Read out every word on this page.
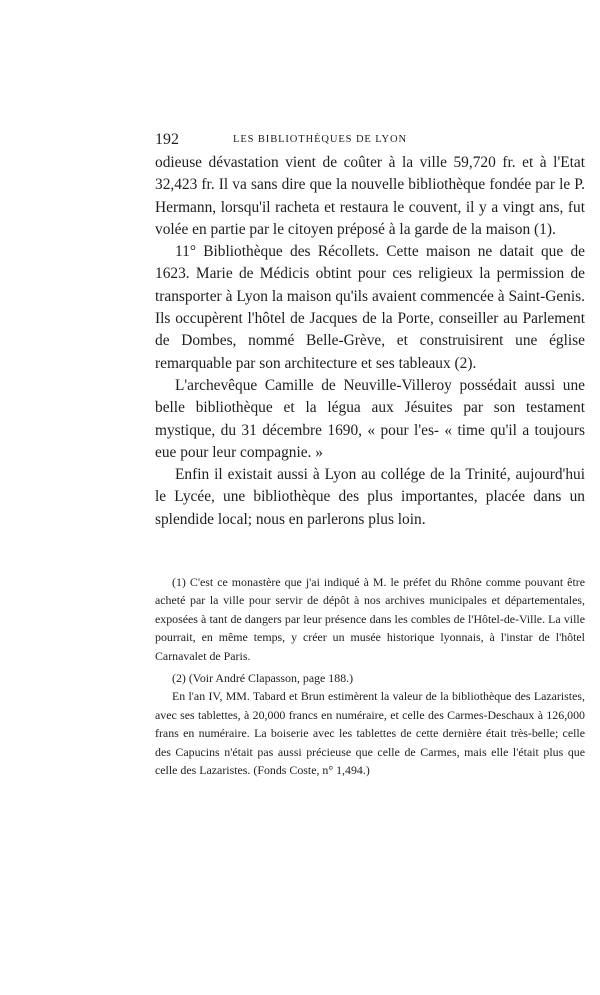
192	LES BIBLIOTHÈQUES DE LYON

odieuse dévastation vient de coûter à la ville 59,720 fr. et à l'Etat 32,423 fr. Il va sans dire que la nouvelle bibliothèque fondée par le P. Hermann, lorsqu'il racheta et restaura le couvent, il y a vingt ans, fut volée en partie par le citoyen préposé à la garde de la maison (1).

11° Bibliothèque des Récollets. Cette maison ne datait que de 1623. Marie de Médicis obtint pour ces religieux la permission de transporter à Lyon la maison qu'ils avaient commencée à Saint-Genis. Ils occupèrent l'hôtel de Jacques de la Porte, conseiller au Parlement de Dombes, nommé Belle-Grève, et construisirent une église remarquable par son architecture et ses tableaux (2).

L'archevêque Camille de Neuville-Villeroy possédait aussi une belle bibliothèque et la légua aux Jésuites par son testament mystique, du 31 décembre 1690, « pour l'es- « time qu'il a toujours eue pour leur compagnie. »

Enfin il existait aussi à Lyon au collége de la Trinité, aujourd'hui le Lycée, une bibliothèque des plus importantes, placée dans un splendide local; nous en parlerons plus loin.

(1) C'est ce monastère que j'ai indiqué à M. le préfet du Rhône comme pouvant être acheté par la ville pour servir de dépôt à nos archives municipales et départementales, exposées à tant de dangers par leur présence dans les combles de l'Hôtel-de-Ville. La ville pourrait, en même temps, y créer un musée historique lyonnais, à l'instar de l'hôtel Carnavalet de Paris.

(2) (Voir André Clapasson, page 188.)

En l'an IV, MM. Tabard et Brun estimèrent la valeur de la bibliothèque des Lazaristes, avec ses tablettes, à 20,000 francs en numéraire, et celle des Carmes-Deschaux à 126,000 frans en numéraire. La boiserie avec les tablettes de cette dernière était très-belle; celle des Capucins n'était pas aussi précieuse que celle de Carmes, mais elle l'était plus que celle des Lazaristes. (Fonds Coste, n° 1,494.)
